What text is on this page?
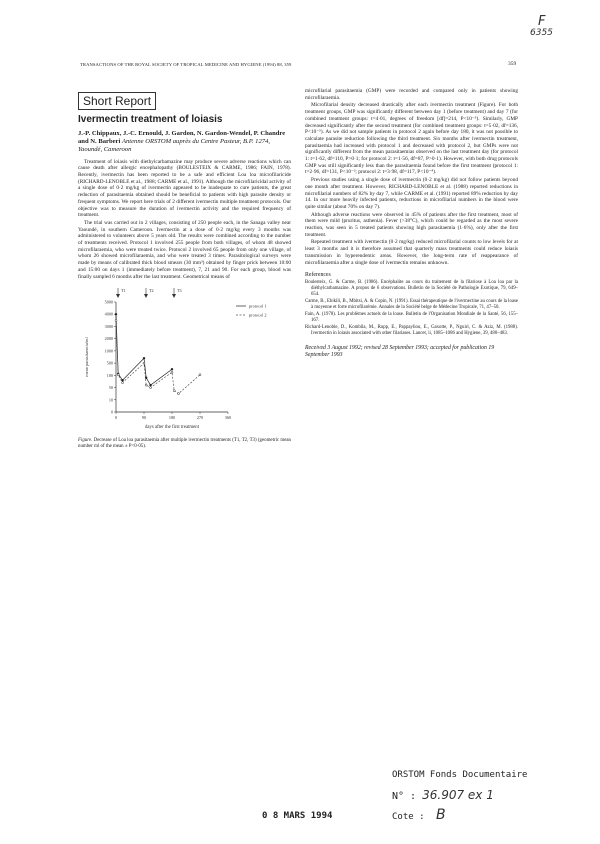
F
6355
TRANSACTIONS OF THE ROYAL SOCIETY OF TROPICAL MEDICINE AND HYGIENE (1994) 88, 359	359
Short Report
Ivermectin treatment of loiasis
J.-P. Chippaux, J.-C. Ernould, J. Gardon, N. Gardon-Wendel, P. Chandre and N. Barberi Antenne ORSTOM auprès du Centre Pasteur, B.P. 1274, Yaoundé, Cameroon

Treatment of loiasis with diethylcarbamazine may produce severe adverse reactions which can cause death after allergic encephalopathy (BOULESTEIX & CARME, 1986; FAIN, 1978). Recently, ivermectin has been reported to be a safe and efficient Loa loa microfilaricide (RICHARD-LENOBLE et al., 1988; CARME et al., 1991). Although the microfilaricidal activity of a single dose of 0·2 mg/kg of ivermectin appeared to be inadequate to cure patients, the great reduction of parasitaemia obtained should be beneficial to patients with high parasite density or frequent symptoms. We report here trials of 2 different ivermectin multiple treatment protocols. Our objective was to measure the duration of ivermectin activity and the required frequency of treatment.

The trial was carried out in 2 villages, consisting of 250 people each, in the Sanaga valley near Yaoundé, in southern Cameroon. Ivermectin at a dose of 0·2 mg/kg every 3 months was administered to volunteers above 5 years old. The results were combined according to the number of treatments received. Protocol 1 involved 255 people from both villages, of whom 48 showed microfilaraemia, who were treated twice. Protocol 2 involved 65 people from only one village, of whom 26 showed microfilaraemia, and who were treated 3 times. Parasitological surveys were made by means of calibrated thick blood smears (30 mm³) obtained by finger prick between 10:00 and 15:00 on days 1 (immediately before treatment), 7, 21 and 90. For each group, blood was finally sampled 6 months after the last treatment. Geometrical means of

5000
4000
3000
2000
1000
500
100
50
10
0
0	90	180	270	360
mean parasitaemia/ml
days after the first treatment
T1	T2	T3
protocol 1
protocol 2
Figure. Decrease of Loa loa parasitaemia after multiple ivermectin treatments (T1, T2, T3) (geometric mean number ml of the mean ± P<0·05).

microfilarial parasitaemia (GMP) were recorded and compared only in patients showing microfilaraemia.

Microfilarial density decreased drastically after each ivermectin treatment (Figure). For both treatment groups, GMP was significantly different between day 1 (before treatment) and day 7 (for combined treatment groups: t=4·01, degrees of freedom [df]=214, P<10⁻⁵). Similarly, GMP decreased significantly after the second treatment (for combined treatment groups: t=5·02, df=136, P<10⁻⁵). As we did not sample patients in protocol 2 again before day 180, it was not possible to calculate parasite reduction following the third treatment. Six months after ivermectin treatment, parasitaemia had increased with protocol 1 and decreased with protocol 2, but GMPs were not significantly different from the mean parasitaemias observed on the last treatment day (for protocol 1: t=1·62, df=110, P>0·1; for protocol 2: t=1·56, df=87, P>0·1). However, with both drug protocols GMP was still significantly less than the parasitaemia found before the first treatment (protocol 1: t=2·96, df=131, P<10⁻²; protocol 2: t=3·98, df=117, P<10⁻⁴).

Previous studies using a single dose of ivermectin (0·2 mg/kg) did not follow patients beyond one month after treatment. However, RICHARD-LENOBLE et al. (1988) reported reductions in microfilarial numbers of 82% by day 7, while CARME et al. (1991) reported 89% reduction by day 14. In our more heavily infected patients, reductions in microfilarial numbers in the blood were quite similar (about 70% on day 7).

Although adverse reactions were observed in 45% of patients after the first treatment, most of them were mild (pruritus, asthenia). Fever (>38°C), which could be regarded as the most severe reaction, was seen in 5 treated patients showing high parasitaemia (1·6%), only after the first treatment.

Repeated treatment with ivermectin (0·2 mg/kg) reduced microfilarial counts to low levels for at least 3 months and it is therefore assumed that quarterly mass treatments could reduce loiasis transmission in hyperendemic areas. However, the long-term rate of reappearance of microfilaraemia after a single dose of ivermectin remains unknown.

References
Boulesteix, G. & Carme, B. (1986). Encéphalite au cours du traitement de la filariose à Loa loa par la diéthylcarbamazine. A propos de 6 observations. Bulletin de la Société de Pathologie Exotique, 79, 649–654.
Carme, B., Ebikili, B., Mbitsi, A. & Copin, N. (1991). Essai thérapeutique de l'ivermectine au cours de la loase à moyenne et forte microfilarémie. Annales de la Société belge de Médecine Tropicale, 71, 47–50.
Fain, A. (1978). Les problèmes actuels de la loase. Bulletin de l'Organisation Mondiale de la Santé, 56, 155–167.
Richard-Lenoble, D., Kombila, M., Rupp, E., Pappayliou, E., Gaxotte, P., Nguiri, C. & Aziz, M. (1988). Ivermectin in loiasis associated with other filariases. Lancet, ii, 1085–1086 and Hygiene, 39, 480–483.
Received 3 August 1992; revised 28 September 1993; accepted for publication 19 September 1993
ORSTOM Fonds Documentaire
N° : 36.907 ex 1
Cote : B
0 8 MARS 1994
